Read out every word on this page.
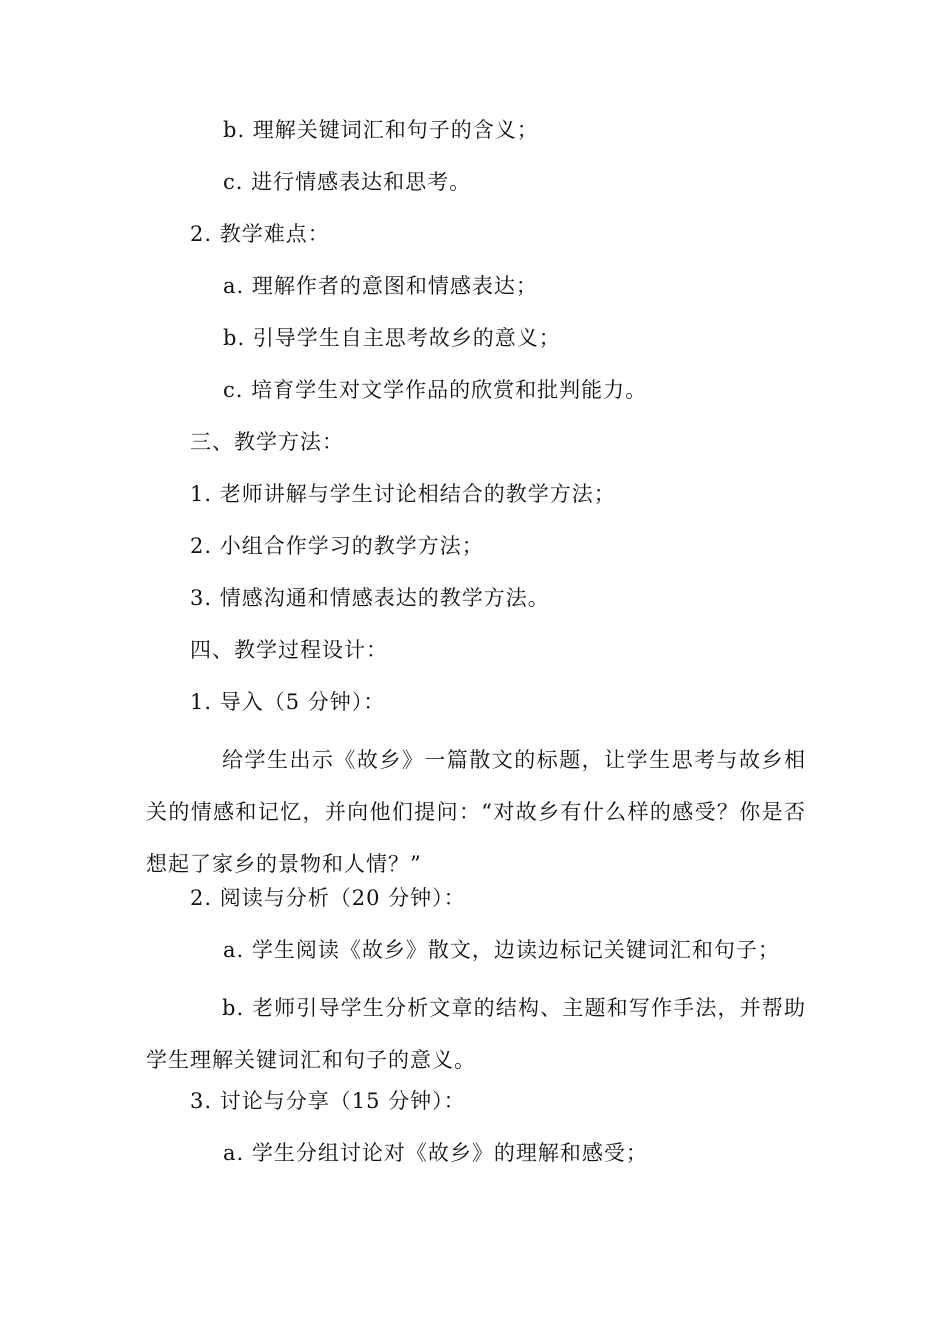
b. 理解关键词汇和句子的含义；
c. 进行情感表达和思考。
2. 教学难点：
a. 理解作者的意图和情感表达；
b. 引导学生自主思考故乡的意义；
c. 培育学生对文学作品的欣赏和批判能力。
三、教学方法：
1. 老师讲解与学生讨论相结合的教学方法；
2. 小组合作学习的教学方法；
3. 情感沟通和情感表达的教学方法。
四、教学过程设计：
1. 导入（5 分钟）：
给学生出示《故乡》一篇散文的标题，让学生思考与故乡相关的情感和记忆，并向他们提问：“对故乡有什么样的感受？你是否想起了家乡的景物和人情？”
2. 阅读与分析（20 分钟）：
a. 学生阅读《故乡》散文，边读边标记关键词汇和句子；
b. 老师引导学生分析文章的结构、主题和写作手法，并帮助学生理解关键词汇和句子的意义。
3. 讨论与分享（15 分钟）：
a. 学生分组讨论对《故乡》的理解和感受；
